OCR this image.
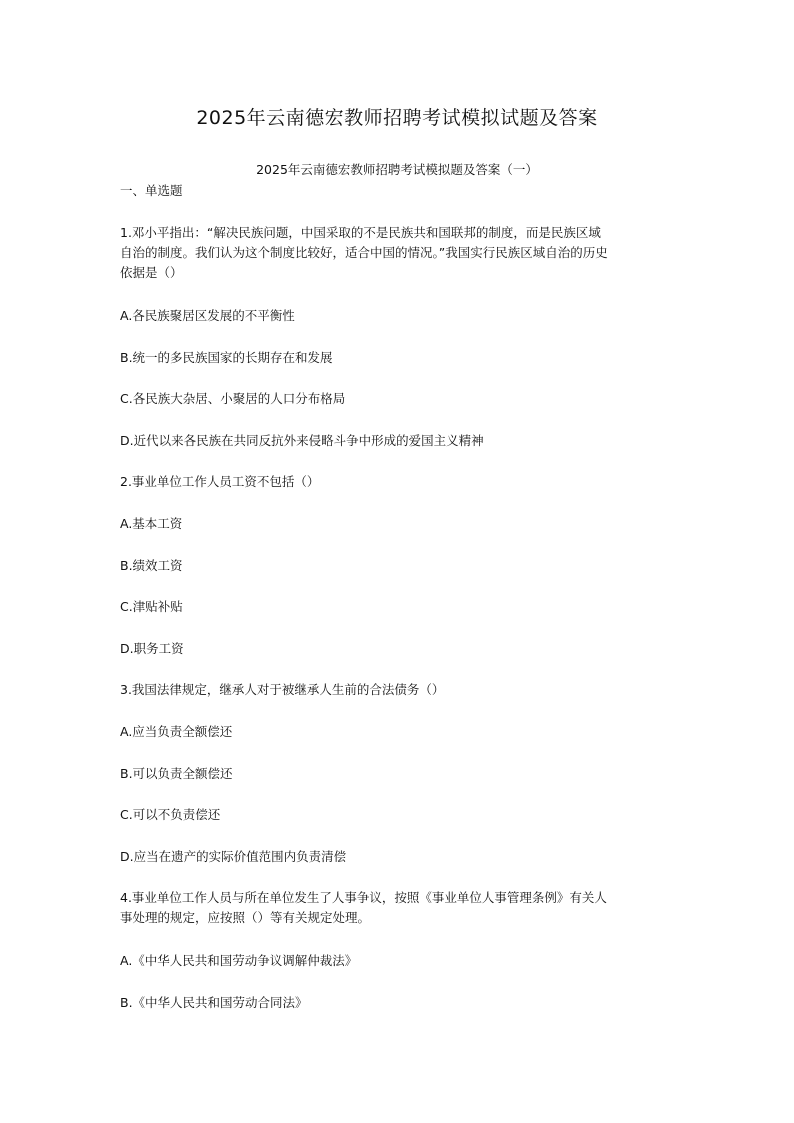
2025年云南德宏教师招聘考试模拟试题及答案
2025年云南德宏教师招聘考试模拟题及答案（一）
一、单选题

1.邓小平指出：“解决民族问题，中国采取的不是民族共和国联邦的制度，而是民族区域

自治的制度。我们认为这个制度比较好，适合中国的情况。”我国实行民族区域自治的历史

依据是（）

A.各民族聚居区发展的不平衡性

B.统一的多民族国家的长期存在和发展

C.各民族大杂居、小聚居的人口分布格局

D.近代以来各民族在共同反抗外来侵略斗争中形成的爱国主义精神

2.事业单位工作人员工资不包括（）

A.基本工资

B.绩效工资

C.津贴补贴

D.职务工资

3.我国法律规定，继承人对于被继承人生前的合法债务（）

A.应当负责全额偿还

B.可以负责全额偿还

C.可以不负责偿还

D.应当在遗产的实际价值范围内负责清偿

4.事业单位工作人员与所在单位发生了人事争议，按照《事业单位人事管理条例》有关人

事处理的规定，应按照（）等有关规定处理。

A.《中华人民共和国劳动争议调解仲裁法》

B.《中华人民共和国劳动合同法》
